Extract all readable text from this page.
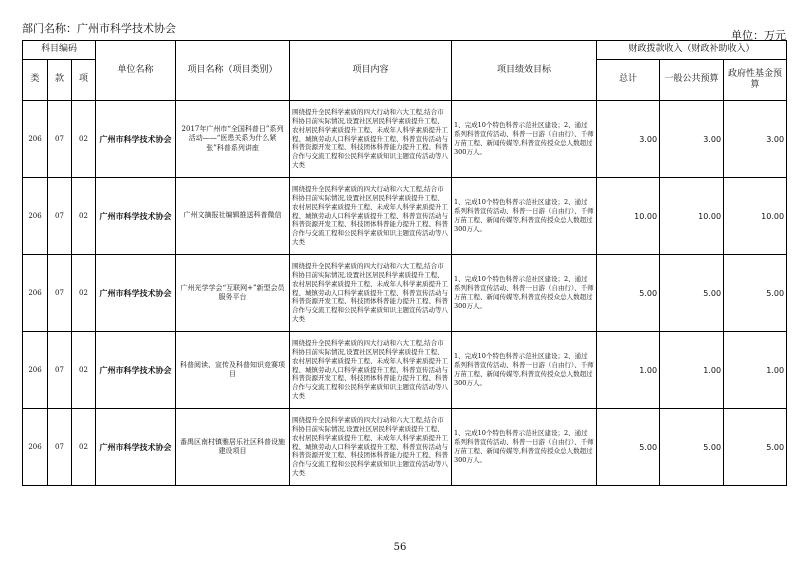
部门名称：广州市科学技术协会
单位：万元
科目编码			单位名称	项目名称（项目类别）	项目内容	项目绩效目标	财政拨款收入（财政补助收入）		
类	款	项					总计	一般公共预算	政府性基金预算
206	07	02	广州市科学技术协会	2017年广州市“全国科普日”系列活动——“医患关系为什么紧张”科普系列讲座	围绕提升全民科学素质的四大行动和六大工程,结合市科协目前实际情况,设置社区居民科学素质提升工程、农村居民科学素质提升工程、未成年人科学素质提升工程、城镇劳动人口科学素质提升工程、科普宣传活动与科普资源开发工程、科技团体科普能力提升工程、科普合作与交流工程和公民科学素质知识主题宣传活动等八大类	1、完成10个特色科普示范社区建设；2、通过系列科普宣传活动、科普一日游（自由行）、千师万苗工程、新闻传媒等,科普宣传授众总人数超过300万人。	3.00	3.00	3.00
206	07	02	广州市科学技术协会	广州文摘报社编辑推送科普微信	围绕提升全民科学素质的四大行动和六大工程,结合市科协目前实际情况,设置社区居民科学素质提升工程、农村居民科学素质提升工程、未成年人科学素质提升工程、城镇劳动人口科学素质提升工程、科普宣传活动与科普资源开发工程、科技团体科普能力提升工程、科普合作与交流工程和公民科学素质知识主题宣传活动等八大类	1、完成10个特色科普示范社区建设；2、通过系列科普宣传活动、科普一日游（自由行）、千师万苗工程、新闻传媒等,科普宣传授众总人数超过300万人。	10.00	10.00	10.00
206	07	02	广州市科学技术协会	广州光学学会“互联网+”新型会员服务平台	围绕提升全民科学素质的四大行动和六大工程,结合市科协目前实际情况,设置社区居民科学素质提升工程、农村居民科学素质提升工程、未成年人科学素质提升工程、城镇劳动人口科学素质提升工程、科普宣传活动与科普资源开发工程、科技团体科普能力提升工程、科普合作与交流工程和公民科学素质知识主题宣传活动等八大类	1、完成10个特色科普示范社区建设；2、通过系列科普宣传活动、科普一日游（自由行）、千师万苗工程、新闻传媒等,科普宣传授众总人数超过300万人。	5.00	5.00	5.00
206	07	02	广州市科学技术协会	科普阅读、宣传及科普知识竞赛项目	围绕提升全民科学素质的四大行动和六大工程,结合市科协目前实际情况,设置社区居民科学素质提升工程、农村居民科学素质提升工程、未成年人科学素质提升工程、城镇劳动人口科学素质提升工程、科普宣传活动与科普资源开发工程、科技团体科普能力提升工程、科普合作与交流工程和公民科学素质知识主题宣传活动等八大类	1、完成10个特色科普示范社区建设；2、通过系列科普宣传活动、科普一日游（自由行）、千师万苗工程、新闻传媒等,科普宣传授众总人数超过300万人。	1.00	1.00	1.00
206	07	02	广州市科学技术协会	番禺区南村镇雅居乐社区科普设施建设项目	围绕提升全民科学素质的四大行动和六大工程,结合市科协目前实际情况,设置社区居民科学素质提升工程、农村居民科学素质提升工程、未成年人科学素质提升工程、城镇劳动人口科学素质提升工程、科普宣传活动与科普资源开发工程、科技团体科普能力提升工程、科普合作与交流工程和公民科学素质知识主题宣传活动等八大类	1、完成10个特色科普示范社区建设；2、通过系列科普宣传活动、科普一日游（自由行）、千师万苗工程、新闻传媒等,科普宣传授众总人数超过300万人。	5.00	5.00	5.00
56
